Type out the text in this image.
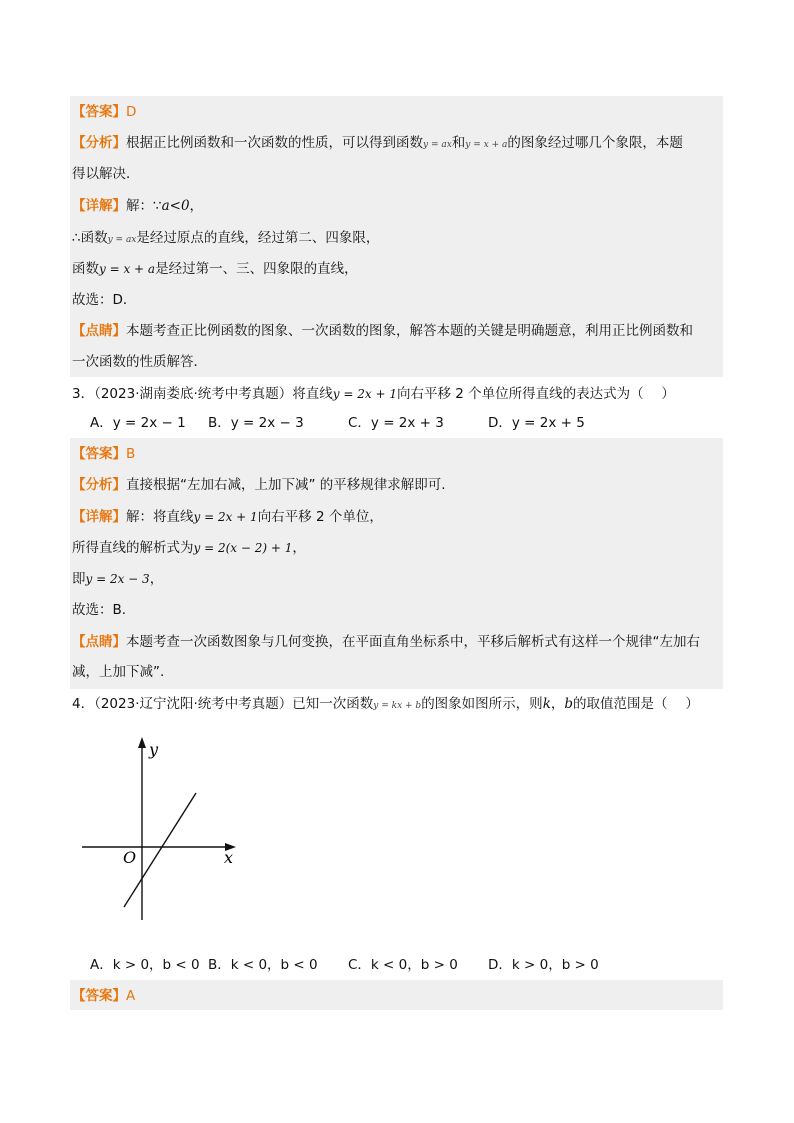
【答案】D
【分析】根据正比例函数和一次函数的性质，可以得到函数y = ax和y = x + a的图象经过哪几个象限，本题
得以解决．
【详解】解：∵a<0，
∴函数y = ax是经过原点的直线，经过第二、四象限，
函数y = x + a是经过第一、三、四象限的直线，
故选：D．
【点睛】本题考查正比例函数的图象、一次函数的图象，解答本题的关键是明确题意，利用正比例函数和
一次函数的性质解答．
3．（2023·湖南娄底·统考中考真题）将直线y = 2x + 1向右平移 2 个单位所得直线的表达式为（　 ）
A．y = 2x − 1 B．y = 2x − 3	C．y = 2x + 3	D．y = 2x + 5
【答案】B
【分析】直接根据“左加右减，上加下减” 的平移规律求解即可.
【详解】解：将直线y = 2x + 1向右平移 2 个单位，
所得直线的解析式为y = 2(x − 2) + 1，
即y = 2x − 3，
故选：B.
【点睛】本题考查一次函数图象与几何变换，在平面直角坐标系中，平移后解析式有这样一个规律“左加右
减，上加下减”.
4．（2023·辽宁沈阳·统考中考真题）已知一次函数y = kx + b的图象如图所示，则k，b的取值范围是（　 ）
y
x
O
A．k > 0，b < 0 B．k < 0，b < 0 C．k < 0，b > 0 D．k > 0，b > 0
【答案】A
